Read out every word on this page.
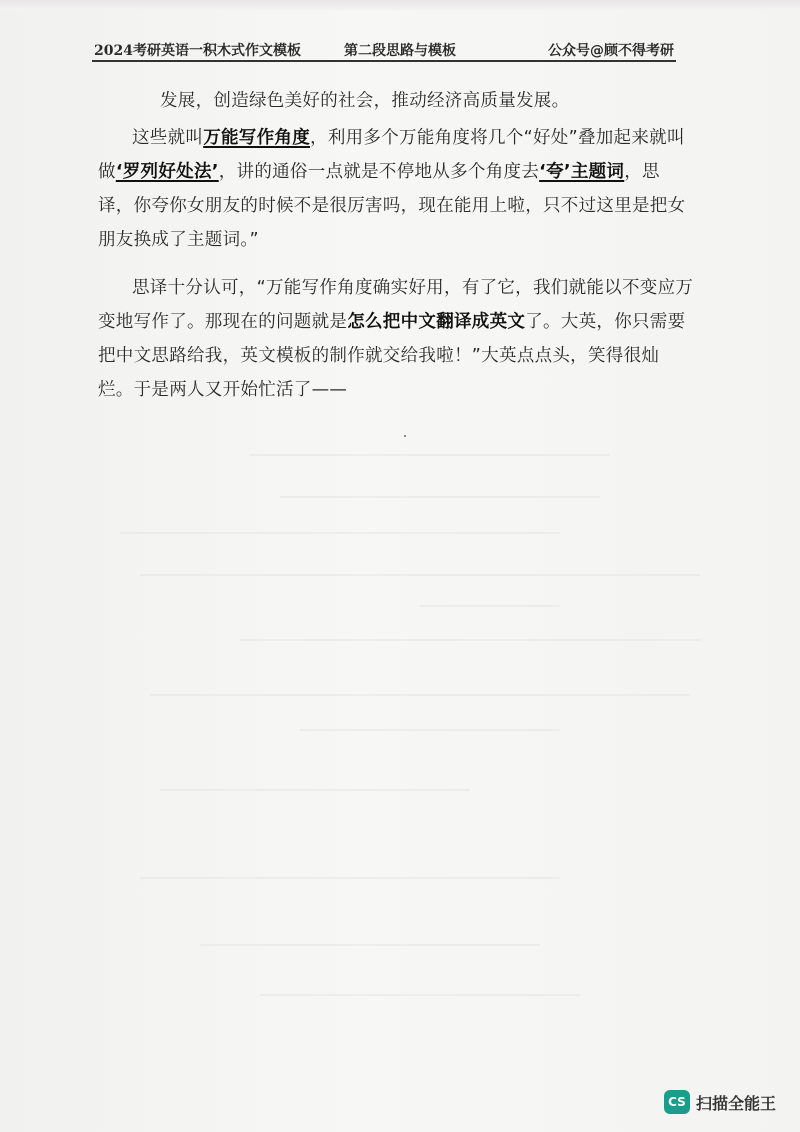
2024考研英语一积木式作文模板	第二段思路与模板	公众号@顾不得考研

发展，创造绿色美好的社会，推动经济高质量发展。

这些就叫万能写作角度，利用多个万能角度将几个“好处”叠加起来就叫做‘罗列好处法’，讲的通俗一点就是不停地从多个角度去‘夸’主题词，思译，你夸你女朋友的时候不是很厉害吗，现在能用上啦，只不过这里是把女朋友换成了主题词。”

思译十分认可，“万能写作角度确实好用，有了它，我们就能以不变应万变地写作了。那现在的问题就是怎么把中文翻译成英文了。大英，你只需要把中文思路给我，英文模板的制作就交给我啦！”大英点点头，笑得很灿烂。于是两人又开始忙活了——

CS 扫描全能王
